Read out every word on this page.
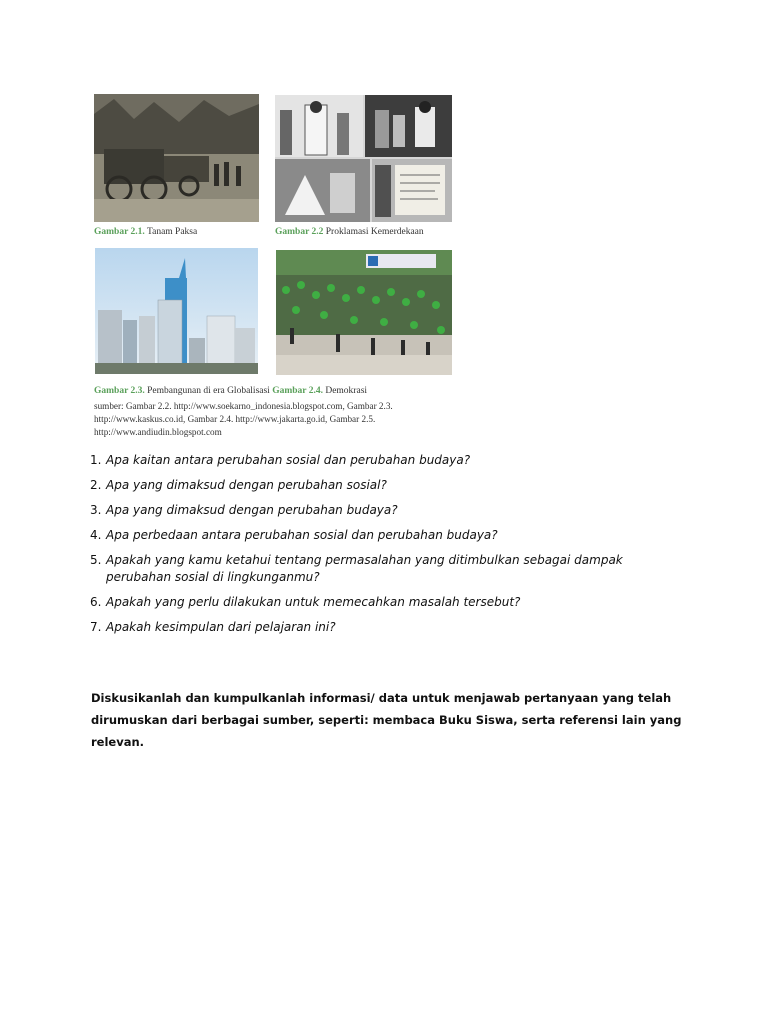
Gambar 2.1. Tanam Paksa	Gambar 2.2 Proklamasi Kemerdekaan
Gambar 2.3. Pembangunan di era Globalisasi Gambar 2.4. Demokrasi
sumber: Gambar 2.2. http://www.soekarno_indonesia.blogspot.com, Gambar 2.3. http://www.kaskus.co.id, Gambar 2.4. http://www.jakarta.go.id, Gambar 2.5. http://www.andiudin.blogspot.com
1. Apa kaitan antara perubahan sosial dan perubahan budaya?
2. Apa yang dimaksud dengan perubahan sosial?
3. Apa yang dimaksud dengan perubahan budaya?
4. Apa perbedaan antara perubahan sosial dan perubahan budaya?
5. Apakah yang kamu ketahui tentang permasalahan yang ditimbulkan sebagai dampak perubahan sosial di lingkunganmu?
6. Apakah yang perlu dilakukan untuk memecahkan masalah tersebut?
7. Apakah kesimpulan dari pelajaran ini?
Diskusikanlah dan kumpulkanlah informasi/ data untuk menjawab pertanyaan yang telah dirumuskan dari berbagai sumber, seperti: membaca Buku Siswa, serta referensi lain yang relevan.
